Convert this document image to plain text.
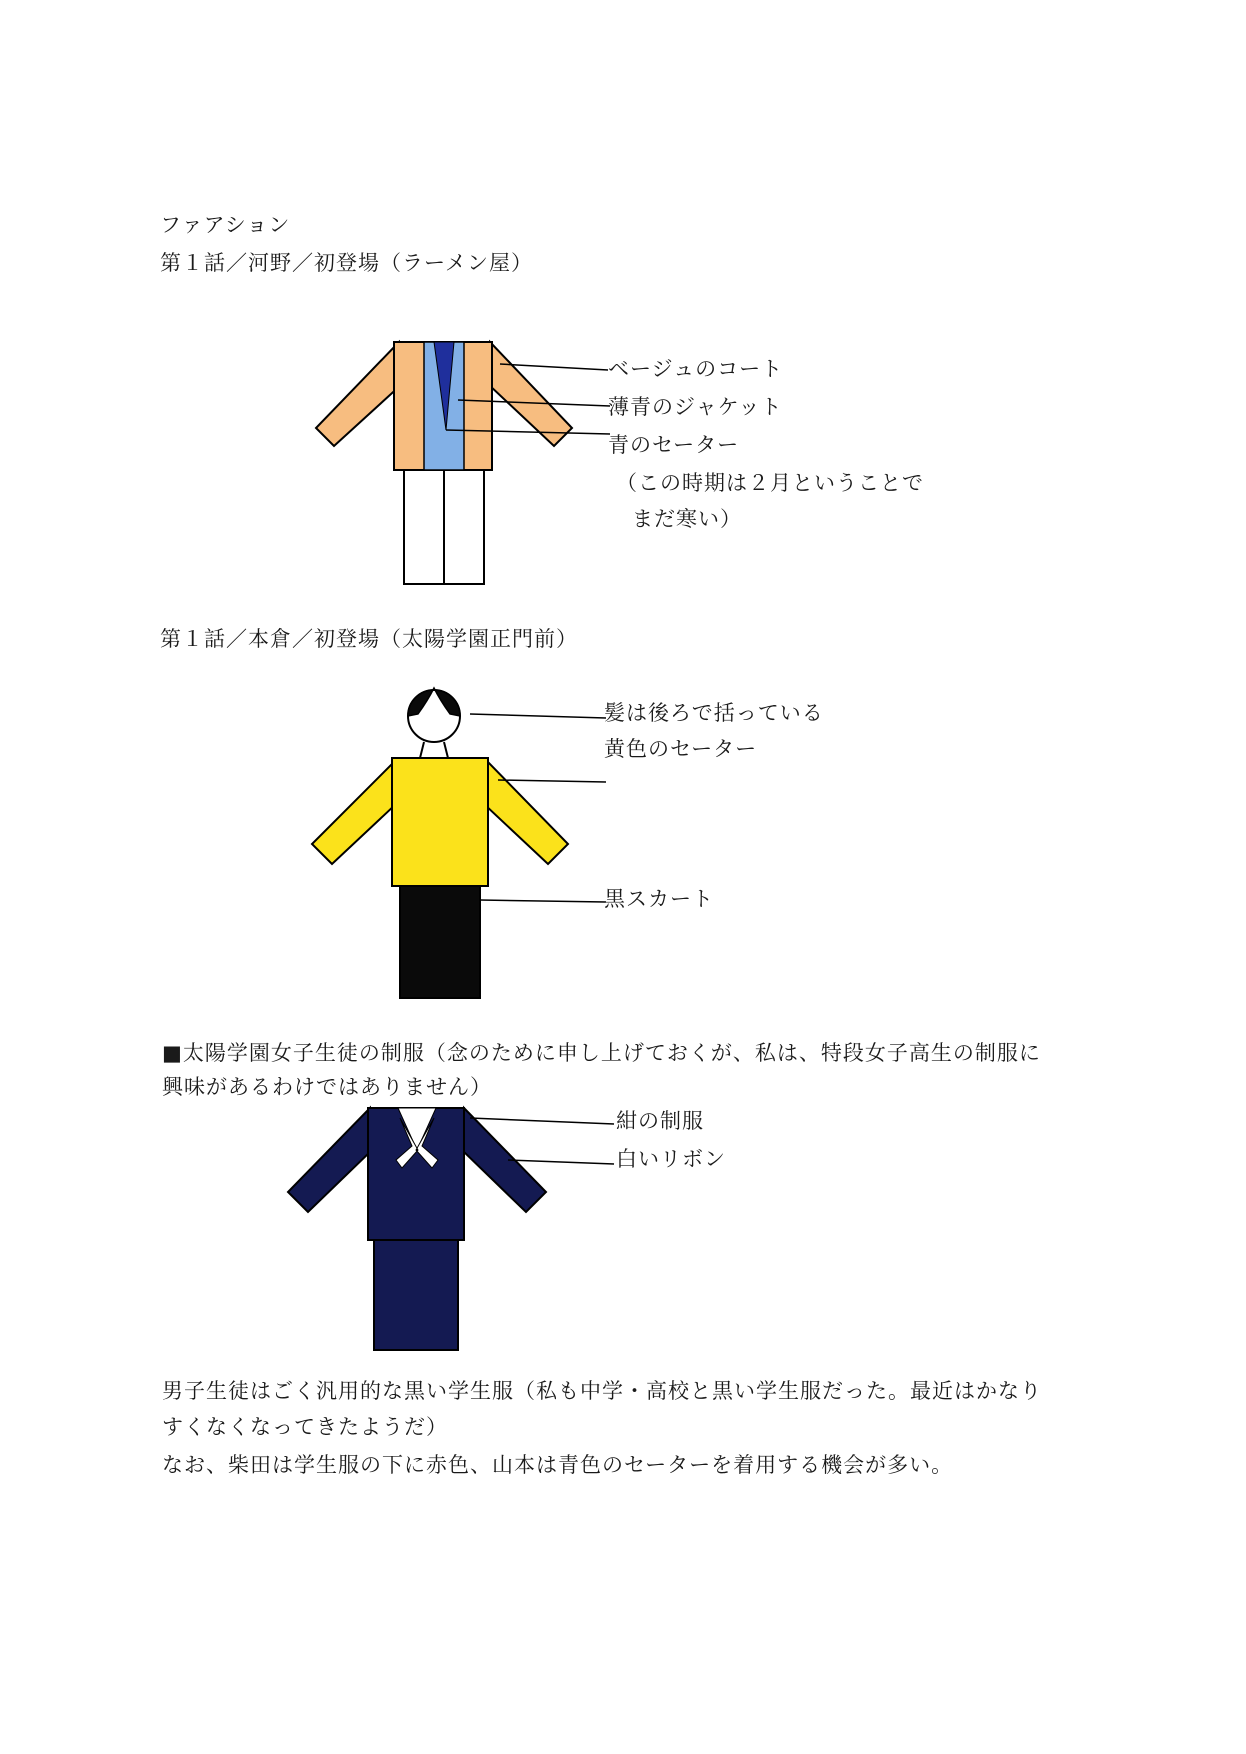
ファアション
第１話／河野／初登場（ラーメン屋）
ベージュのコート
薄青のジャケット
青のセーター
（この時期は２月ということで
まだ寒い）
第１話／本倉／初登場（太陽学園正門前）
髪は後ろで括っている
黄色のセーター
黒スカート
■太陽学園女子生徒の制服（念のために申し上げておくが、私は、特段女子高生の制服に
興味があるわけではありません）
紺の制服
白いリボン
男子生徒はごく汎用的な黒い学生服（私も中学・高校と黒い学生服だった。最近はかなり
すくなくなってきたようだ）
なお、柴田は学生服の下に赤色、山本は青色のセーターを着用する機会が多い。
